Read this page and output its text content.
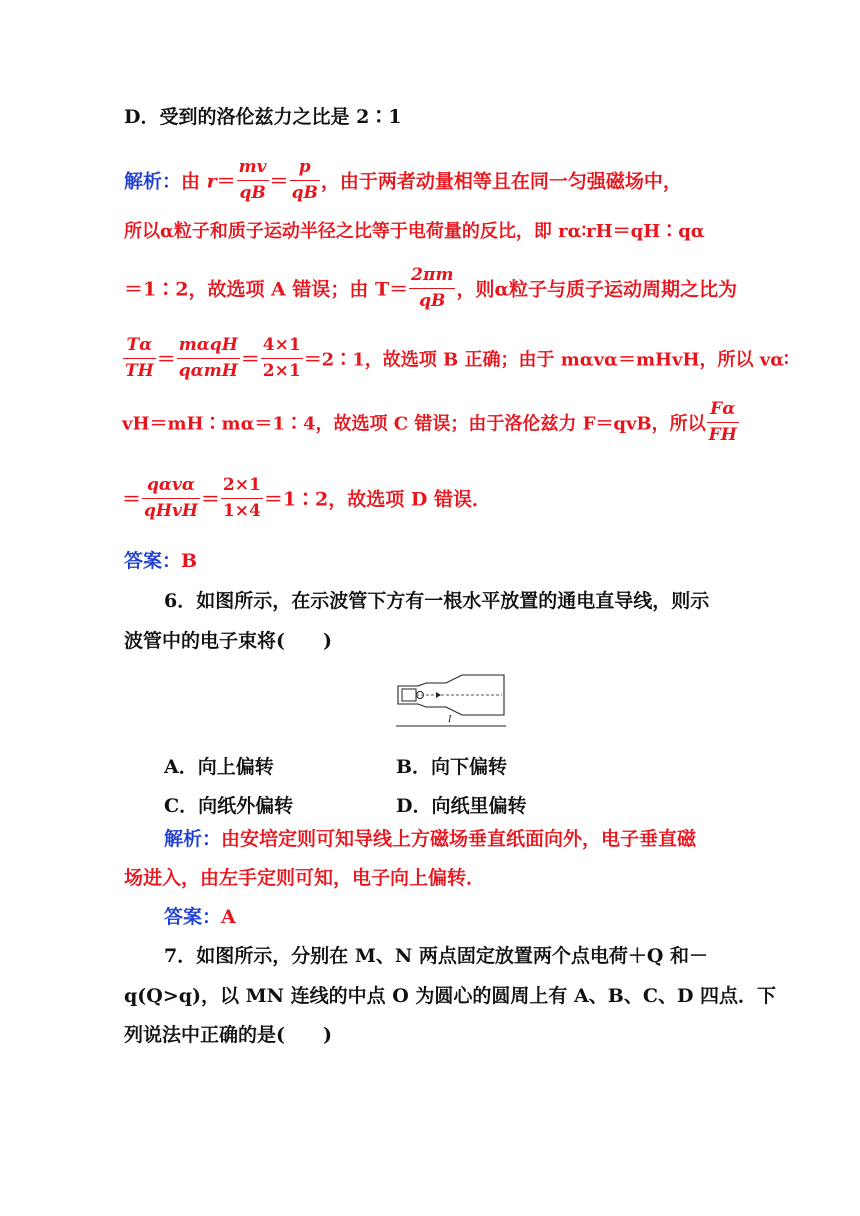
D．受到的洛伦兹力之比是 2∶1
解析：由 $r= \frac{mv}{qB} = \frac{p}{qB}$ ，由于两者动量相等且在同一匀强磁场中，
所以α粒子和质子运动半径之比等于电荷量的反比，即 rα∶rH＝qH∶qα
＝1∶2，故选项 A 错误；由 $T= \frac{2\pi m}{qB}$ ，则α粒子与质子运动周期之比为
$\frac{T\alpha}{TH} = \frac{\text{mαqH}}{\text{qαmH}} = \frac{4\times 1}{2\times 1}$ ＝2∶1，故选项 B 正确；由于 mαvα＝mHvH，所以 vα∶
vH＝mH∶mα＝1∶4，故选项 C 错误；由于洛伦兹力 F＝qvB，所以 $\frac{F\alpha}{FH}$
＝ $\frac{\text{qαvα}}{\text{qHvH}} = \frac{2\times 1}{1\times 4}$ ＝1∶2，故选项 D 错误．
答案：B
6．如图所示，在示波管下方有一根水平放置的通电直导线，则示
波管中的电子束将(　　)
I
A．向上偏转	B．向下偏转
C．向纸外偏转	D．向纸里偏转
解析：由安培定则可知导线上方磁场垂直纸面向外，电子垂直磁
场进入，由左手定则可知，电子向上偏转．
答案：A
7．如图所示，分别在 M、N 两点固定放置两个点电荷＋Q 和－
q(Q>q)，以 MN 连线的中点 O 为圆心的圆周上有 A、B、C、D 四点．下
列说法中正确的是(　　)
